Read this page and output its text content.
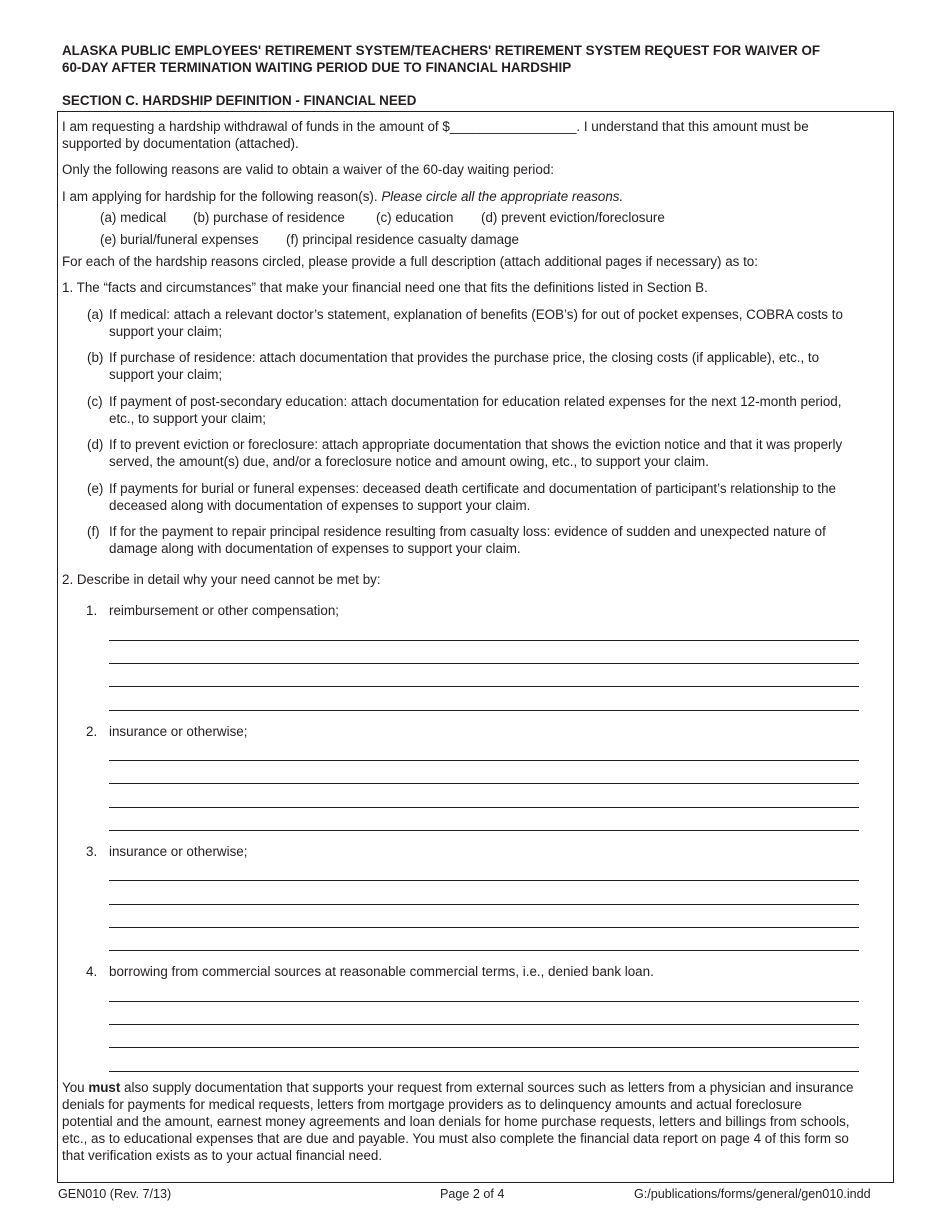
ALASKA PUBLIC EMPLOYEES' RETIREMENT SYSTEM/TEACHERS' RETIREMENT SYSTEM REQUEST FOR WAIVER OF
60-DAY AFTER TERMINATION WAITING PERIOD DUE TO FINANCIAL HARDSHIP
SECTION C. HARDSHIP DEFINITION - FINANCIAL NEED
I am requesting a hardship withdrawal of funds in the amount of $_________________. I understand that this amount must be
supported by documentation (attached).
Only the following reasons are valid to obtain a waiver of the 60-day waiting period:
I am applying for hardship for the following reason(s). Please circle all the appropriate reasons.
(a) medical (b) purchase of residence (c) education (d) prevent eviction/foreclosure
(e) burial/funeral expenses (f) principal residence casualty damage
For each of the hardship reasons circled, please provide a full description (attach additional pages if necessary) as to:
1. The “facts and circumstances” that make your financial need one that fits the definitions listed in Section B.
(a) If medical: attach a relevant doctor’s statement, explanation of benefits (EOB’s) for out of pocket expenses, COBRA costs to
support your claim;
(b) If purchase of residence: attach documentation that provides the purchase price, the closing costs (if applicable), etc., to
support your claim;
(c) If payment of post-secondary education: attach documentation for education related expenses for the next 12-month period,
etc., to support your claim;
(d) If to prevent eviction or foreclosure: attach appropriate documentation that shows the eviction notice and that it was properly
served, the amount(s) due, and/or a foreclosure notice and amount owing, etc., to support your claim.
(e) If payments for burial or funeral expenses: deceased death certificate and documentation of participant’s relationship to the
deceased along with documentation of expenses to support your claim.
(f) If for the payment to repair principal residence resulting from casualty loss: evidence of sudden and unexpected nature of
damage along with documentation of expenses to support your claim.
2. Describe in detail why your need cannot be met by:
1. reimbursement or other compensation;
2. insurance or otherwise;
3. insurance or otherwise;
4. borrowing from commercial sources at reasonable commercial terms, i.e., denied bank loan.
You must also supply documentation that supports your request from external sources such as letters from a physician and insurance
denials for payments for medical requests, letters from mortgage providers as to delinquency amounts and actual foreclosure
potential and the amount, earnest money agreements and loan denials for home purchase requests, letters and billings from schools,
etc., as to educational expenses that are due and payable. You must also complete the financial data report on page 4 of this form so
that verification exists as to your actual financial need.
GEN010 (Rev. 7/13)	Page 2 of 4	G:/publications/forms/general/gen010.indd
